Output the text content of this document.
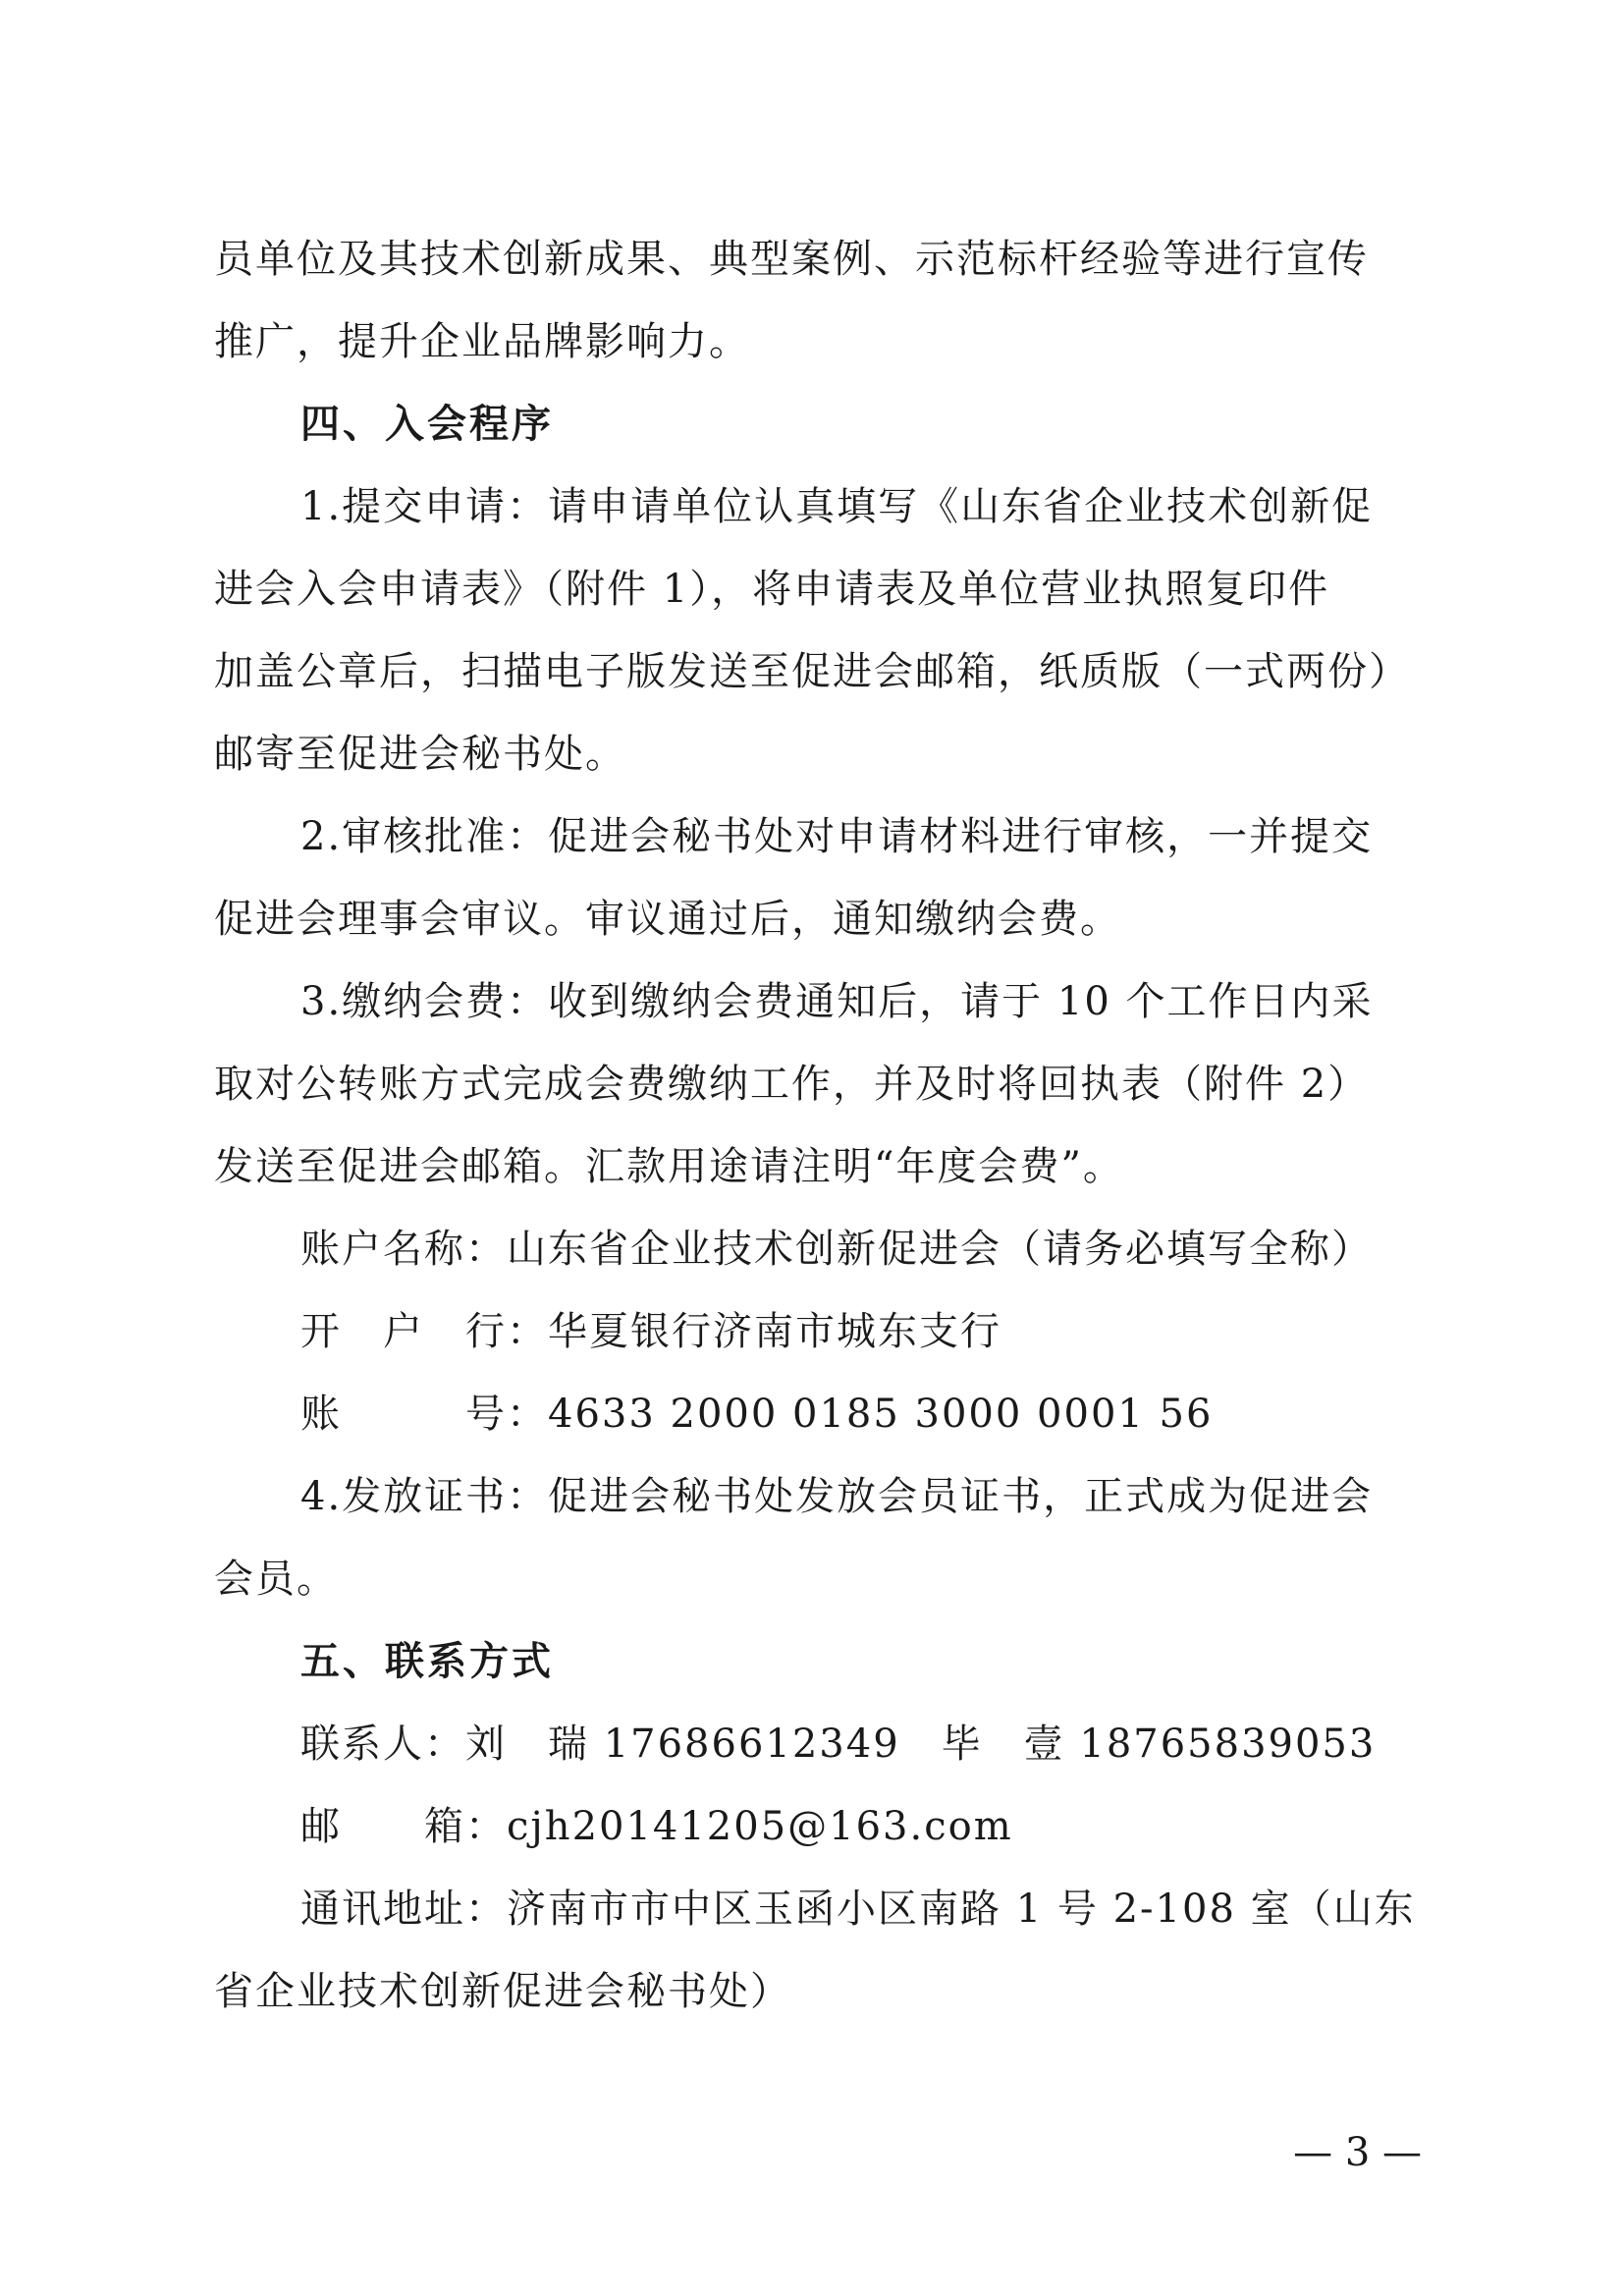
员单位及其技术创新成果、典型案例、示范标杆经验等进行宣传
推广，提升企业品牌影响力。
四、入会程序
1.提交申请：请申请单位认真填写《山东省企业技术创新促
进会入会申请表》（附件 1），将申请表及单位营业执照复印件
加盖公章后，扫描电子版发送至促进会邮箱，纸质版（一式两份）
邮寄至促进会秘书处。
2.审核批准：促进会秘书处对申请材料进行审核，一并提交
促进会理事会审议。审议通过后，通知缴纳会费。
3.缴纳会费：收到缴纳会费通知后，请于 10 个工作日内采
取对公转账方式完成会费缴纳工作，并及时将回执表（附件 2）
发送至促进会邮箱。汇款用途请注明“年度会费”。
账户名称：山东省企业技术创新促进会（请务必填写全称）
开　户　行：华夏银行济南市城东支行
账　　　号：4633 2000 0185 3000 0001 56
4.发放证书：促进会秘书处发放会员证书，正式成为促进会
会员。
五、联系方式
联系人：刘　瑞 17686612349　毕　壹 18765839053
邮　　箱：cjh20141205@163.com
通讯地址：济南市市中区玉函小区南路 1 号 2-108 室（山东
省企业技术创新促进会秘书处）
— 3 —
